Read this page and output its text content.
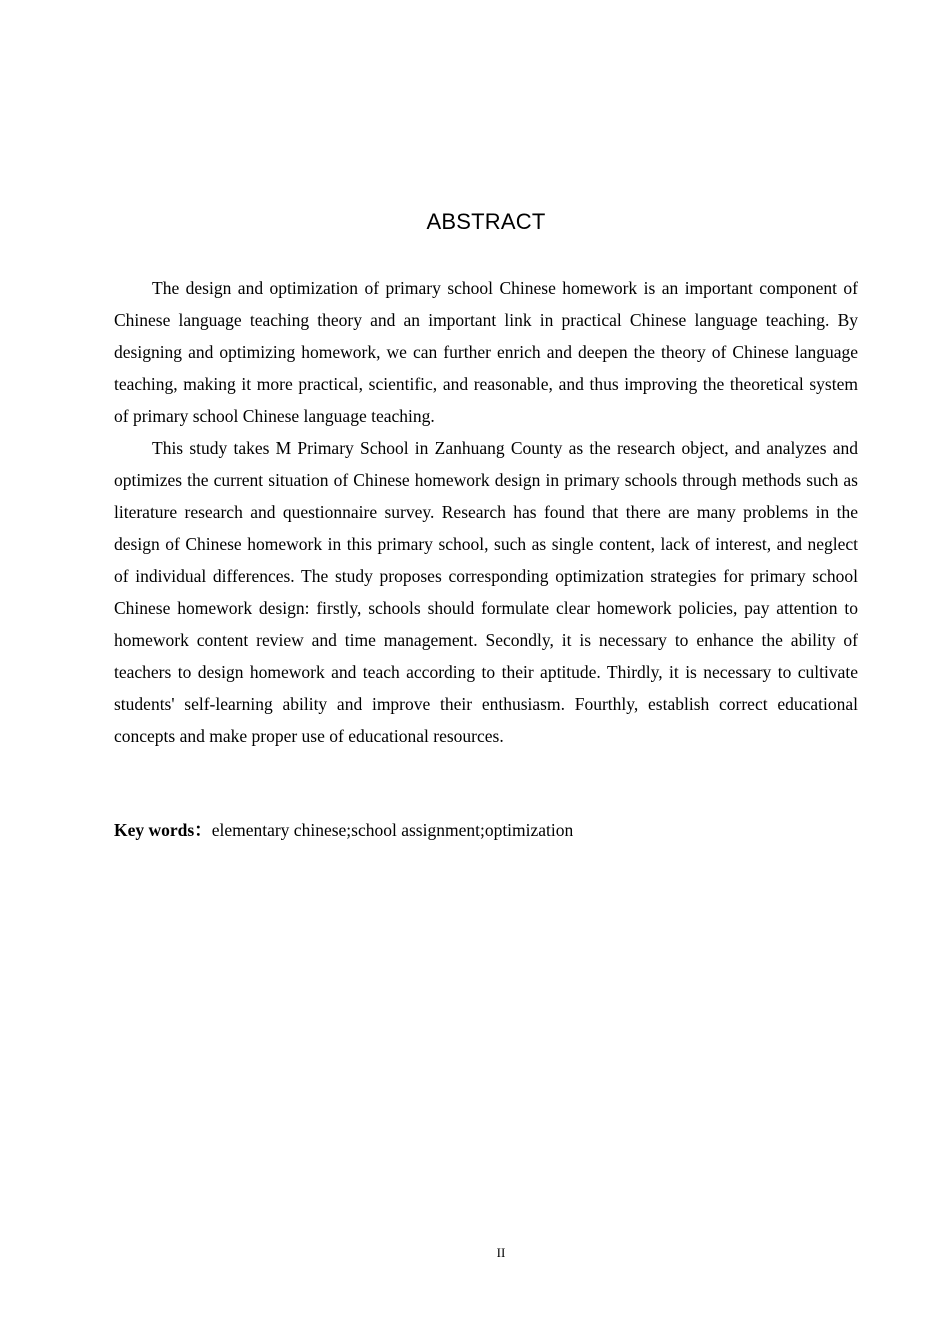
ABSTRACT

The design and optimization of primary school Chinese homework is an important component of Chinese language teaching theory and an important link in practical Chinese language teaching. By designing and optimizing homework, we can further enrich and deepen the theory of Chinese language teaching, making it more practical, scientific, and reasonable, and thus improving the theoretical system of primary school Chinese language teaching.

This study takes M Primary School in Zanhuang County as the research object, and analyzes and optimizes the current situation of Chinese homework design in primary schools through methods such as literature research and questionnaire survey. Research has found that there are many problems in the design of Chinese homework in this primary school, such as single content, lack of interest, and neglect of individual differences. The study proposes corresponding optimization strategies for primary school Chinese homework design: firstly, schools should formulate clear homework policies, pay attention to homework content review and time management. Secondly, it is necessary to enhance the ability of teachers to design homework and teach according to their aptitude. Thirdly, it is necessary to cultivate students' self-learning ability and improve their enthusiasm. Fourthly, establish correct educational concepts and make proper use of educational resources.

Key words：elementary chinese;school assignment;optimization
II
